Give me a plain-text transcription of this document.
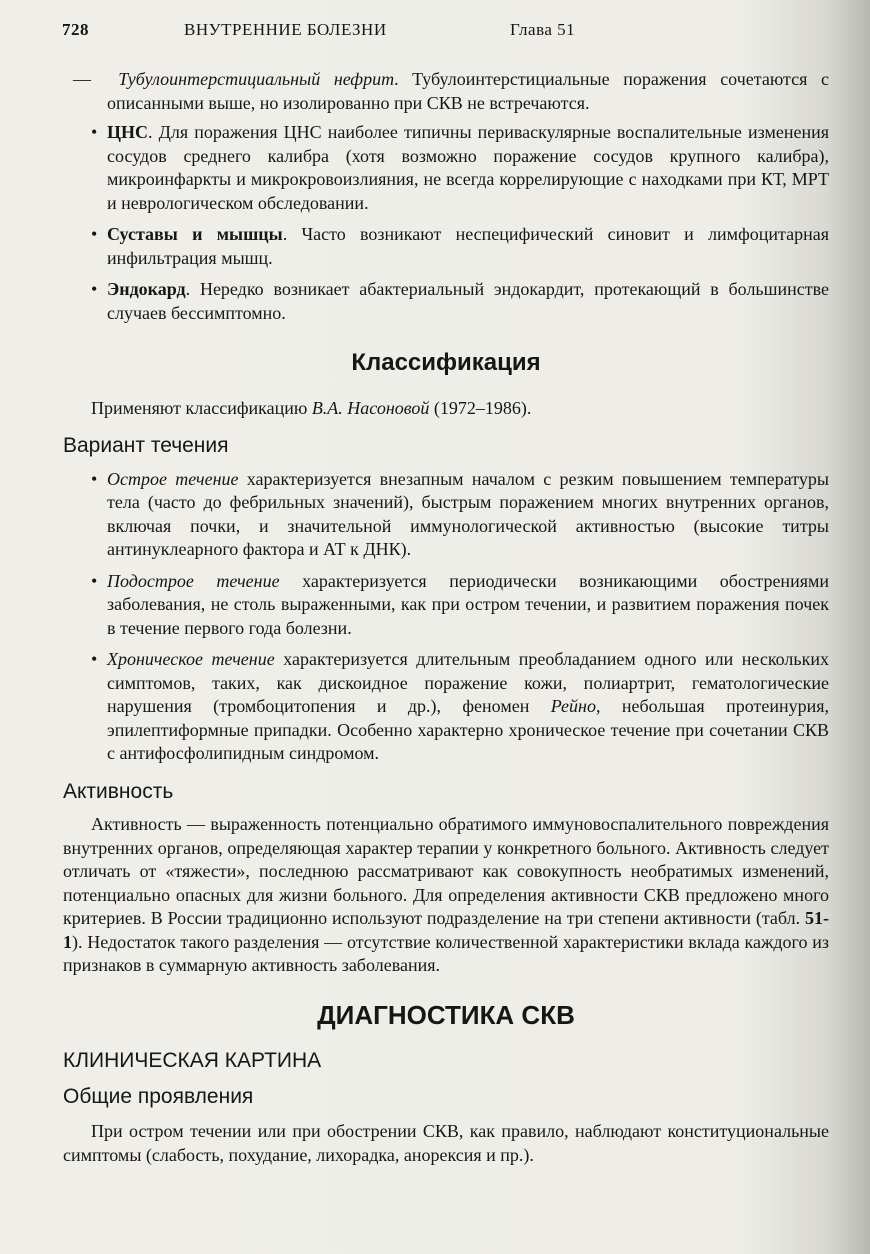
728	ВНУТРЕННИЕ БОЛЕЗНИ	Глава 51
— Тубулоинтерстициальный нефрит. Тубулоинтерстициальные поражения сочетаются с описанными выше, но изолированно при СКВ не встречаются.
• ЦНС. Для поражения ЦНС наиболее типичны периваскулярные воспалительные изменения сосудов среднего калибра (хотя возможно поражение сосудов крупного калибра), микроинфаркты и микрокровоизлияния, не всегда коррелирующие с находками при КТ, МРТ и неврологическом обследовании.
• Суставы и мышцы. Часто возникают неспецифический синовит и лимфоцитарная инфильтрация мышц.
• Эндокард. Нередко возникает абактериальный эндокардит, протекающий в большинстве случаев бессимптомно.
Классификация

Применяют классификацию В.А. Насоновой (1972–1986).

Вариант течения
• Острое течение характеризуется внезапным началом с резким повышением температуры тела (часто до фебрильных значений), быстрым поражением многих внутренних органов, включая почки, и значительной иммунологической активностью (высокие титры антинуклеарного фактора и АТ к ДНК).
• Подострое течение характеризуется периодически возникающими обострениями заболевания, не столь выраженными, как при остром течении, и развитием поражения почек в течение первого года болезни.
• Хроническое течение характеризуется длительным преобладанием одного или нескольких симптомов, таких, как дискоидное поражение кожи, полиартрит, гематологические нарушения (тромбоцитопения и др.), феномен Рейно, небольшая протеинурия, эпилептиформные припадки. Особенно характерно хроническое течение при сочетании СКВ с антифосфолипидным синдромом.
Активность

Активность — выраженность потенциально обратимого иммуновоспалительного повреждения внутренних органов, определяющая характер терапии у конкретного больного. Активность следует отличать от «тяжести», последнюю рассматривают как совокупность необратимых изменений, потенциально опасных для жизни больного. Для определения активности СКВ предложено много критериев. В России традиционно используют подразделение на три степени активности (табл. 51-1). Недостаток такого разделения — отсутствие количественной характеристики вклада каждого из признаков в суммарную активность заболевания.

ДИАГНОСТИКА СКВ
КЛИНИЧЕСКАЯ КАРТИНА
Общие проявления

При остром течении или при обострении СКВ, как правило, наблюдают конституциональные симптомы (слабость, похудание, лихорадка, анорексия и пр.).
